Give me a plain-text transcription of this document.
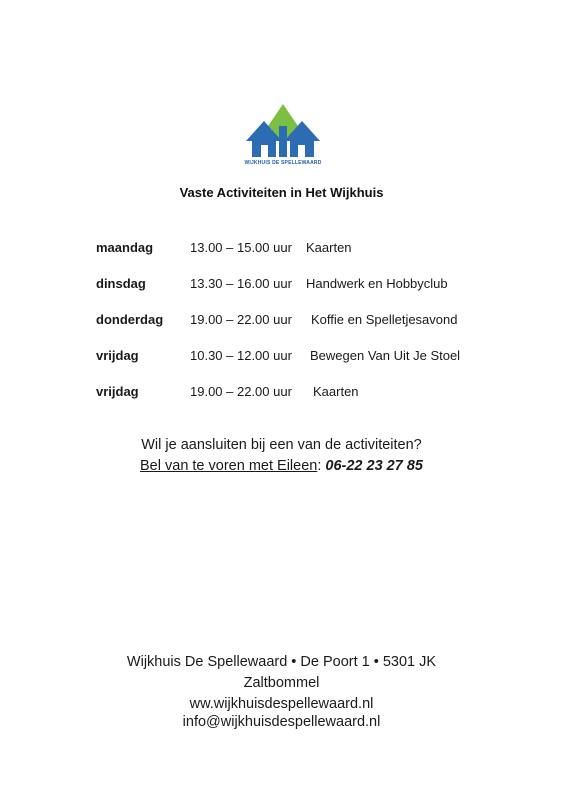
WIJKHUIS DE SPELLEWAARD
Vaste Activiteiten in Het Wijkhuis
maandag	13.00 – 15.00 uur Kaarten
dinsdag	13.30 – 16.00 uur Handwerk en Hobbyclub
donderdag 19.00 – 22.00 uur Koffie en Spelletjesavond
vrijdag	10.30 – 12.00 uur Bewegen Van Uit Je Stoel
vrijdag	19.00 – 22.00 uur Kaarten
Wil je aansluiten bij een van de activiteiten?
Bel van te voren met Eileen: 06-22 23 27 85
Wijkhuis De Spellewaard • De Poort 1 • 5301 JK
Zaltbommel
ww.wijkhuisdespellewaard.nl
info@wijkhuisdespellewaard.nl
